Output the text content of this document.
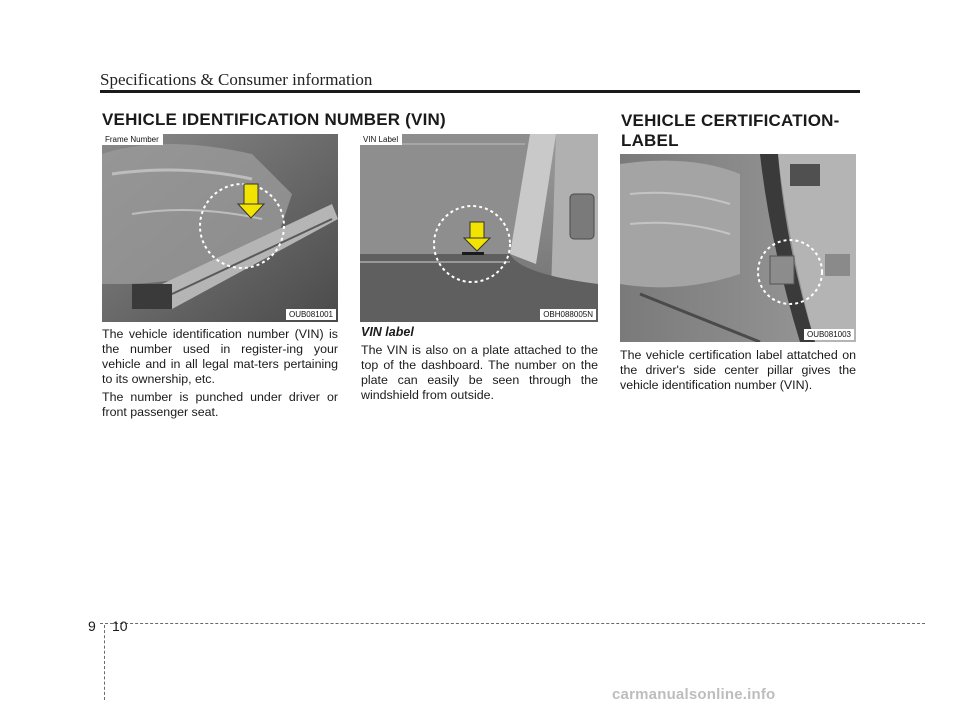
Specifications & Consumer information
VEHICLE IDENTIFICATION NUMBER (VIN)
Frame Number
OUB081001

The vehicle identification number (VIN) is the number used in register-ing your vehicle and in all legal mat-ters pertaining to its ownership, etc.

The number is punched under driver or front passenger seat.

VIN Label
OBH088005N
VIN label

The VIN is also on a plate attached to the top of the dashboard. The number on the plate can easily be seen through the windshield from outside.

VEHICLE CERTIFICATION-
LABEL
OUB081003

The vehicle certification label attatched on the driver's side center pillar gives the vehicle identification number (VIN).

9 10
carmanualsonline.info
